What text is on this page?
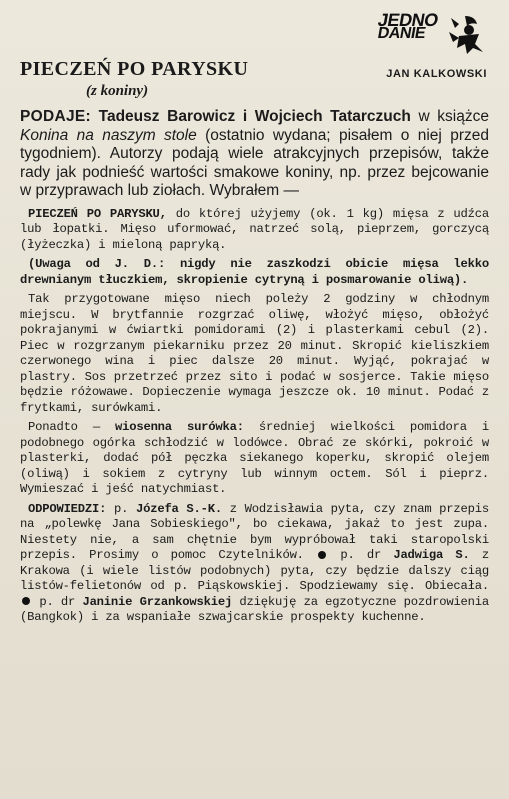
JEDNO
DANIE
JAN KALKOWSKI
PIECZEŃ PO PARYSKU
(z koniny)

PODAJE: Tadeusz Barowicz i Wojciech Tatarczuch w książce Konina na naszym stole (ostatnio wydana; pisałem o niej przed tygodniem). Autorzy podają wiele atrakcyjnych przepisów, także rady jak podnieść wartości smakowe koniny, np. przez bejcowanie w przyprawach lub ziołach. Wybrałem —

PIECZEŃ PO PARYSKU, do której użyjemy (ok. 1 kg) mięsa z udźca lub łopatki. Mięso uformować, natrzeć solą, pieprzem, gorczycą (łyżeczka) i mieloną papryką.

(Uwaga od J. D.: nigdy nie zaszkodzi obicie mięsa lekko drewnianym tłuczkiem, skropienie cytryną i posmarowanie oliwą).

Tak przygotowane mięso niech poleży 2 godziny w chłodnym miejscu. W brytfannie rozgrzać oliwę, włożyć mięso, obłożyć pokrajanymi w ćwiartki pomidorami (2) i plasterkami cebul (2). Piec w rozgrzanym piekarniku przez 20 minut. Skropić kieliszkiem czerwonego wina i piec dalsze 20 minut. Wyjąć, pokrajać w plastry. Sos przetrzeć przez sito i podać w sosjerce. Takie mięso będzie różowawe. Dopieczenie wymaga jeszcze ok. 10 minut. Podać z frytkami, surówkami.

Ponadto — wiosenna surówka: średniej wielkości pomidora i podobnego ogórka schłodzić w lodówce. Obrać ze skórki, pokroić w plasterki, dodać pół pęczka siekanego koperku, skropić olejem (oliwą) i sokiem z cytryny lub winnym octem. Sól i pieprz. Wymieszać i jeść natychmiast.

ODPOWIEDZI: p. Józefa S.-K. z Wodzisławia pyta, czy znam przepis na „polewkę Jana Sobieskiego", bo ciekawa, jakaż to jest zupa. Niestety nie, a sam chętnie bym wypróbował taki staropolski przepis. Prosimy o pomoc Czytelników.  p. dr Jadwiga S. z Krakowa (i wiele listów podobnych) pyta, czy będzie dalszy ciąg listów-felietonów od p. Piąskowskiej. Spodziewamy się. Obiecała.  p. dr Janinie Grzankowskiej dziękuję za egzotyczne pozdrowienia (Bangkok) i za wspaniałe szwajcarskie prospekty kuchenne.
